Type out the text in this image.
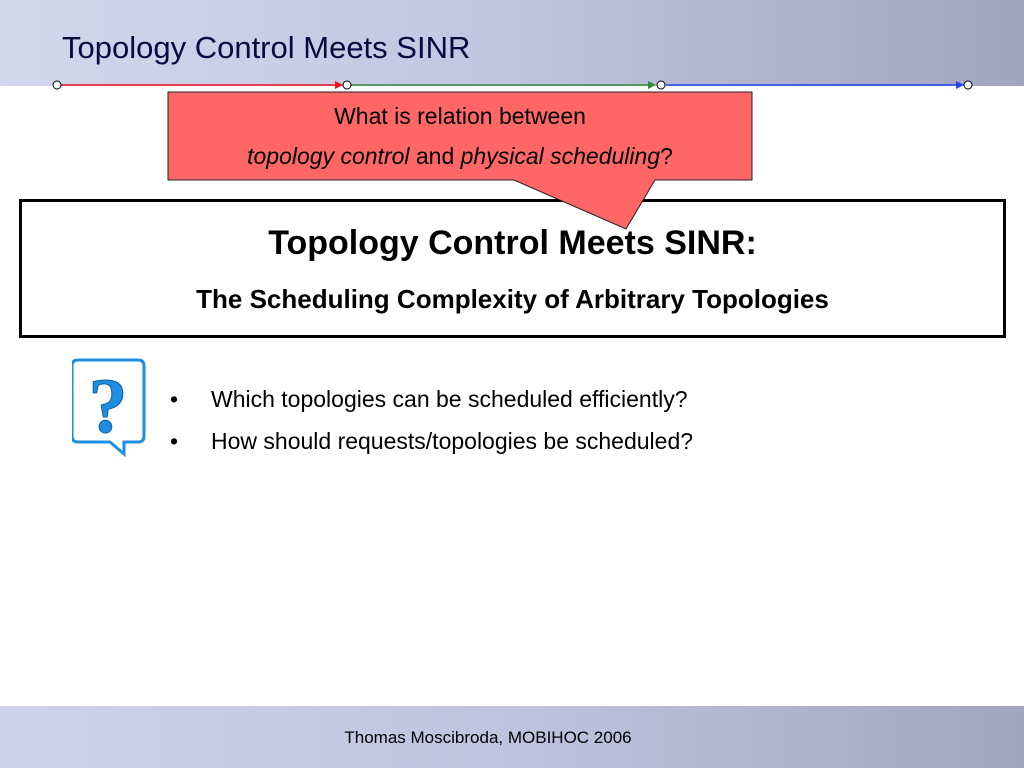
Topology Control Meets SINR
Topology Control Meets SINR:
The Scheduling Complexity of Arbitrary Topologies
What is relation between
topology control and physical scheduling?
?
•	Which topologies can be scheduled efficiently?
• How should requests/topologies be scheduled?
Thomas Moscibroda, MOBIHOC 2006
